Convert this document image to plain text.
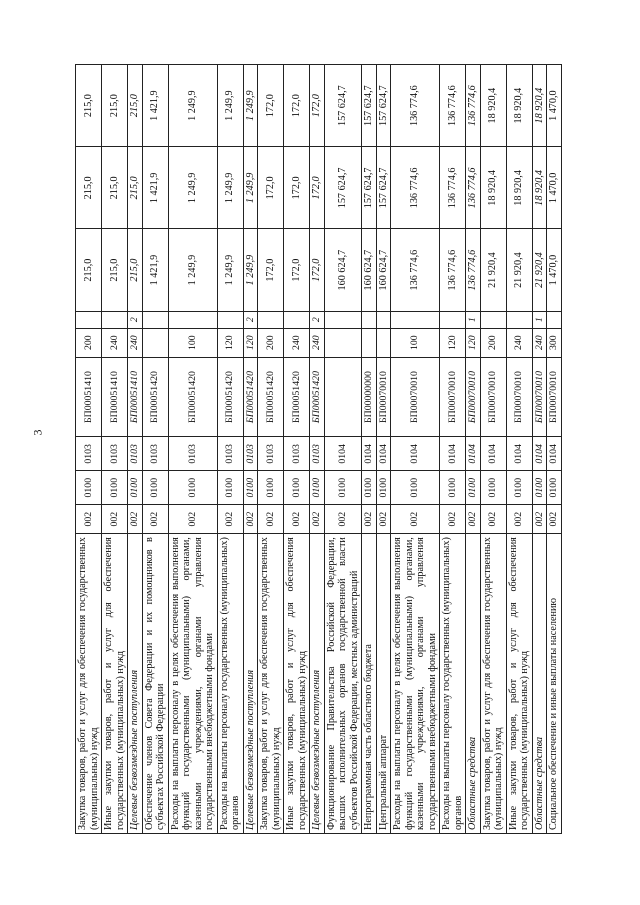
3
Закупка товаров, работ и услуг для обеспечения государственных (муниципальных) нужд	002	0100	0103	БП00051410	200		215,0	215,0	215,0
Иные закупки товаров, работ и услуг для обеспечения государственных (муниципальных) нужд	002	0100	0103	БП00051410	240		215,0	215,0	215,0
Целевые безвозмездные поступления	002	0100	0103	БП00051410	240	2	215,0	215,0	215,0
Обеспечение членов Совета Федерации и их помощников в субъектах Российской Федерации	002	0100	0103	БП00051420			1 421,9	1 421,9	1 421,9
Расходы на выплаты персоналу в целях обеспечения выполнения функций государственными (муниципальными) органами, казенными учреждениями, органами управления государственными внебюджетными фондами	002	0100	0103	БП00051420	100		1 249,9	1 249,9	1 249,9
Расходы на выплаты персоналу государственных (муниципальных) органов	002	0100	0103	БП00051420	120		1 249,9	1 249,9	1 249,9
Целевые безвозмездные поступления	002	0100	0103	БП00051420	120	2	1 249,9	1 249,9	1 249,9
Закупка товаров, работ и услуг для обеспечения государственных (муниципальных) нужд	002	0100	0103	БП00051420	200		172,0	172,0	172,0
Иные закупки товаров, работ и услуг для обеспечения государственных (муниципальных) нужд	002	0100	0103	БП00051420	240		172,0	172,0	172,0
Целевые безвозмездные поступления	002	0100	0103	БП00051420	240	2	172,0	172,0	172,0
Функционирование Правительства Российской Федерации, высших исполнительных органов государственной власти субъектов Российской Федерации, местных администраций	002	0100	0104				160 624,7	157 624,7	157 624,7
Непрограммная часть областного бюджета	002	0100	0104	БП00000000			160 624,7	157 624,7	157 624,7
Центральный аппарат	002	0100	0104	БП00070010			160 624,7	157 624,7	157 624,7
Расходы на выплаты персоналу в целях обеспечения выполнения функций государственными (муниципальными) органами, казенными учреждениями, органами управления государственными внебюджетными фондами	002	0100	0104	БП00070010	100		136 774,6	136 774,6	136 774,6
Расходы на выплаты персоналу государственных (муниципальных) органов	002	0100	0104	БП00070010	120		136 774,6	136 774,6	136 774,6
Областные средства	002	0100	0104	БП00070010	120	1	136 774,6	136 774,6	136 774,6
Закупка товаров, работ и услуг для обеспечения государственных (муниципальных) нужд	002	0100	0104	БП00070010	200		21 920,4	18 920,4	18 920,4
Иные закупки товаров, работ и услуг для обеспечения государственных (муниципальных) нужд	002	0100	0104	БП00070010	240		21 920,4	18 920,4	18 920,4
Областные средства	002	0100	0104	БП00070010	240	1	21 920,4	18 920,4	18 920,4
Социальное обеспечение и иные выплаты населению	002	0100	0104	БП00070010	300		1 470,0	1 470,0	1 470,0
